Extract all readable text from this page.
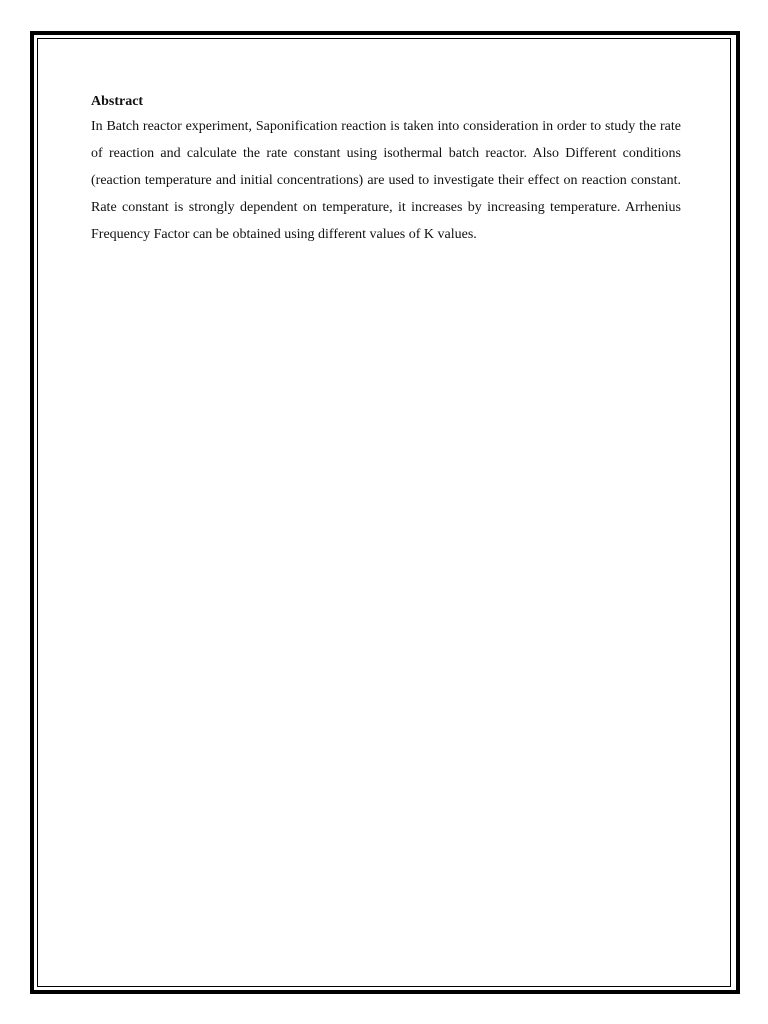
Abstract

In Batch reactor experiment, Saponification reaction is taken into consideration in order to study the rate of reaction and calculate the rate constant using isothermal batch reactor. Also Different conditions (reaction temperature and initial concentrations) are used to investigate their effect on reaction constant. Rate constant is strongly dependent on temperature, it increases by increasing temperature. Arrhenius Frequency Factor can be obtained using different values of K values.
